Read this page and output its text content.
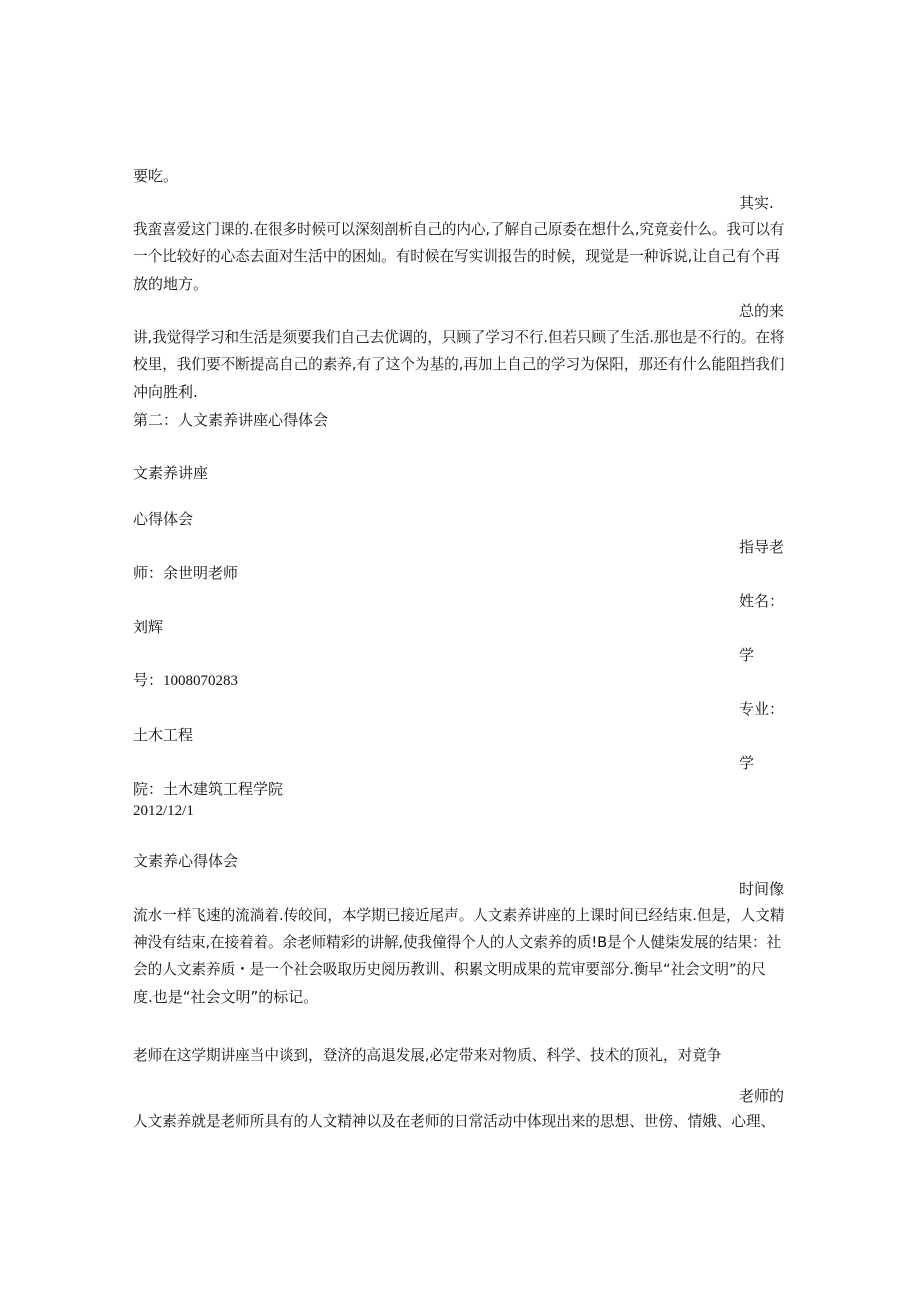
要吃。
其实.
我蛮喜爱这门课的.在很多时候可以深刻剖析自己的内心,了解自己原委在想什么,究竟妾什么。我可以有
一个比较好的心态去面对生活中的困灿。有时候在写实训报告的时候，现觉是一种诉说,让自己有个再
放的地方。
总的来
讲,我觉得学习和生活是须要我们自己去优调的，只顾了学习不行.但若只顾了生活.那也是不行的。在将
校里，我们要不断提高自己的素养,有了这个为基的,再加上自己的学习为保阳，那还有什么能阻挡我们
冲向胜利.
第二：人文素养讲座心得体会
文素养讲座
心得体会
指导老
师：余世明老师
姓名：
刘辉
学
号：1008070283
专业：
土木工程
学
院：土木建筑工程学院
2012/12/1
文素养心得体会
时间像
流水一样飞速的流淌着.传皎间，本学期已接近尾声。人文素养讲座的上课时间已经结束.但是，人文精
神没有结束,在接着着。余老师精彩的讲解,使我僮得个人的人文索养的质!B是个人健柒发展的结果：社
会的人文素养质・是一个社会吸取历史阅历教训、积累文明成果的荒审要部分.衡早“社会文明”的尺
度.也是“社会文明”的标记。
老师在这学期讲座当中谈到，登济的高退发展,必定带来对物质、科学、技术的顶礼，对竟争
老师的
人文素养就是老师所具有的人文精神以及在老师的日常活动中体现出来的思想、世傍、情娥、心理、
